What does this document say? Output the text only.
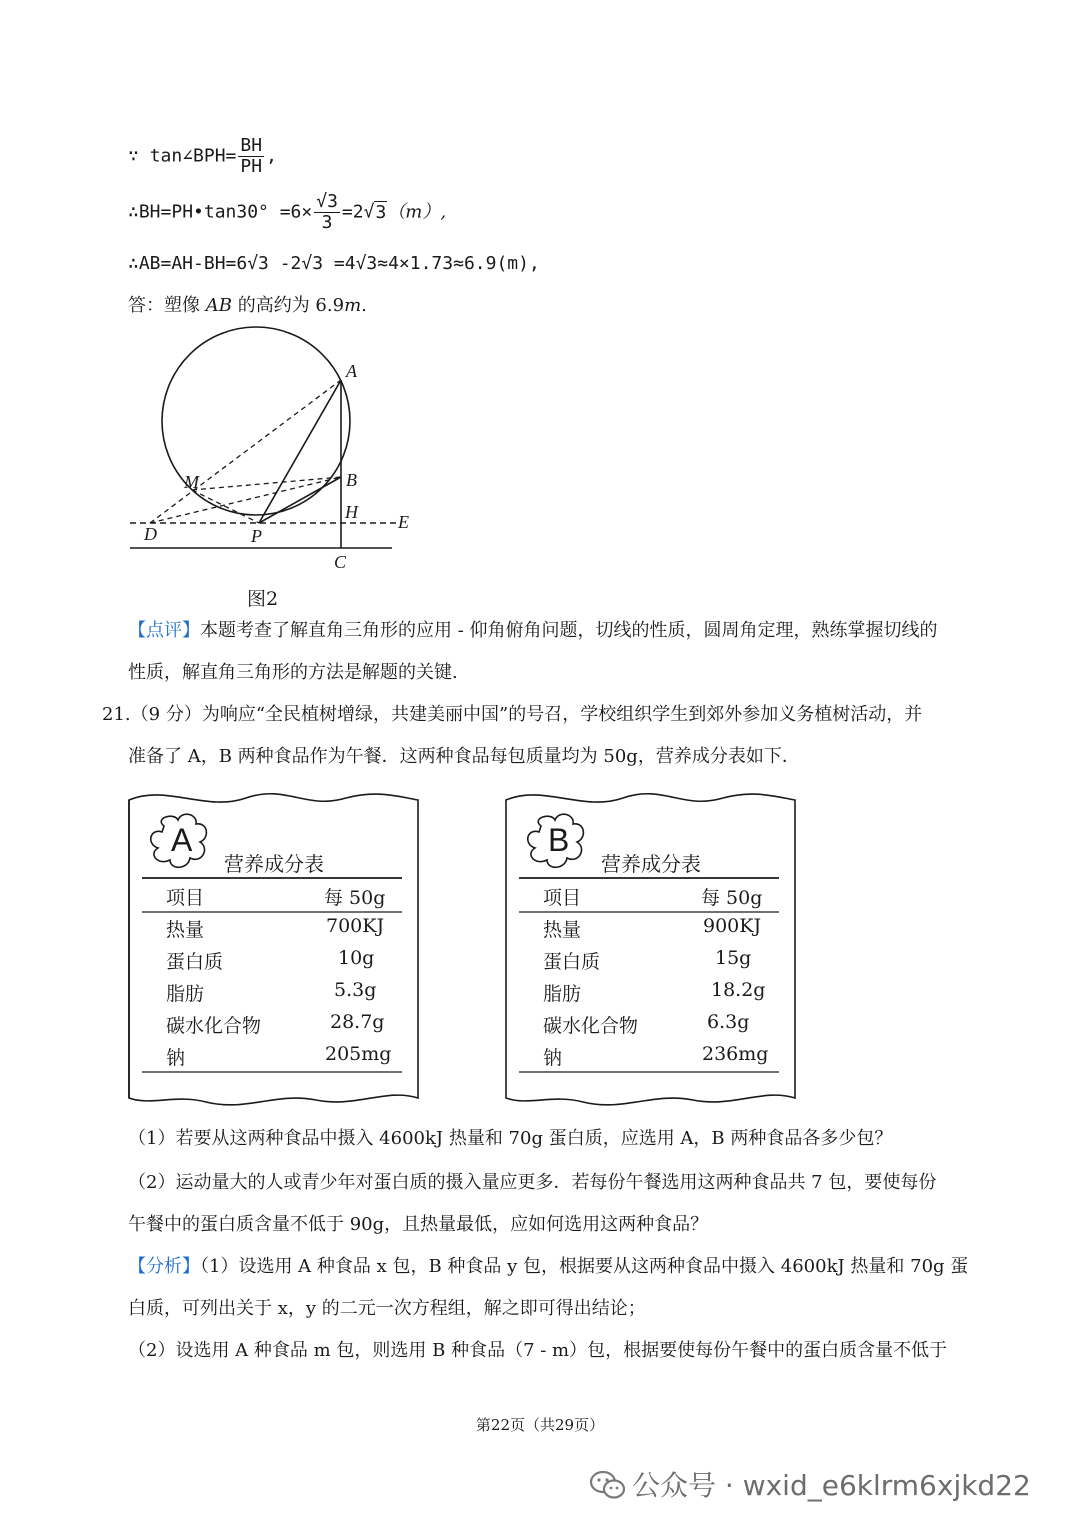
∵ tan∠BPH= $\frac{BH}{PH}$ ,
∴BH=PH•tan30° $=6\times \frac{√3}{3} =2√3(m)$,
∴AB=AH-BH=6√3 -2√3 =4√3≈4×1.73≈6.9(m),
答：塑像 AB 的高约为 6.9m.
A
B
M
H E
D	P
C
图2
【点评】本题考查了解直角三角形的应用 - 仰角俯角问题，切线的性质，圆周角定理，熟练掌握切线的
性质，解直角三角形的方法是解题的关键.
21.（9 分）为响应“全民植树增绿，共建美丽中国”的号召，学校组织学生到郊外参加义务植树活动，并
准备了 A，B 两种食品作为午餐．这两种食品每包质量均为 50g，营养成分表如下．
A
营养成分表
项目	每 50g
热量	700KJ
蛋白质	10g
脂肪	5.3g
碳水化合物	28.7g
钠	205mg
B
营养成分表
项目	每 50g
热量	900KJ
蛋白质	15g
脂肪	18.2g
碳水化合物	6.3g
钠	236mg
（1）若要从这两种食品中摄入 4600kJ 热量和 70g 蛋白质，应选用 A，B 两种食品各多少包？
（2）运动量大的人或青少年对蛋白质的摄入量应更多．若每份午餐选用这两种食品共 7 包，要使每份
午餐中的蛋白质含量不低于 90g，且热量最低，应如何选用这两种食品？
【分析】（1）设选用 A 种食品 x 包，B 种食品 y 包，根据要从这两种食品中摄入 4600kJ 热量和 70g 蛋
白质，可列出关于 x，y 的二元一次方程组，解之即可得出结论；
（2）设选用 A 种食品 m 包，则选用 B 种食品（7 - m）包，根据要使每份午餐中的蛋白质含量不低于
第22页（共29页）
公众号 · wxid_e6klrm6xjkd22
